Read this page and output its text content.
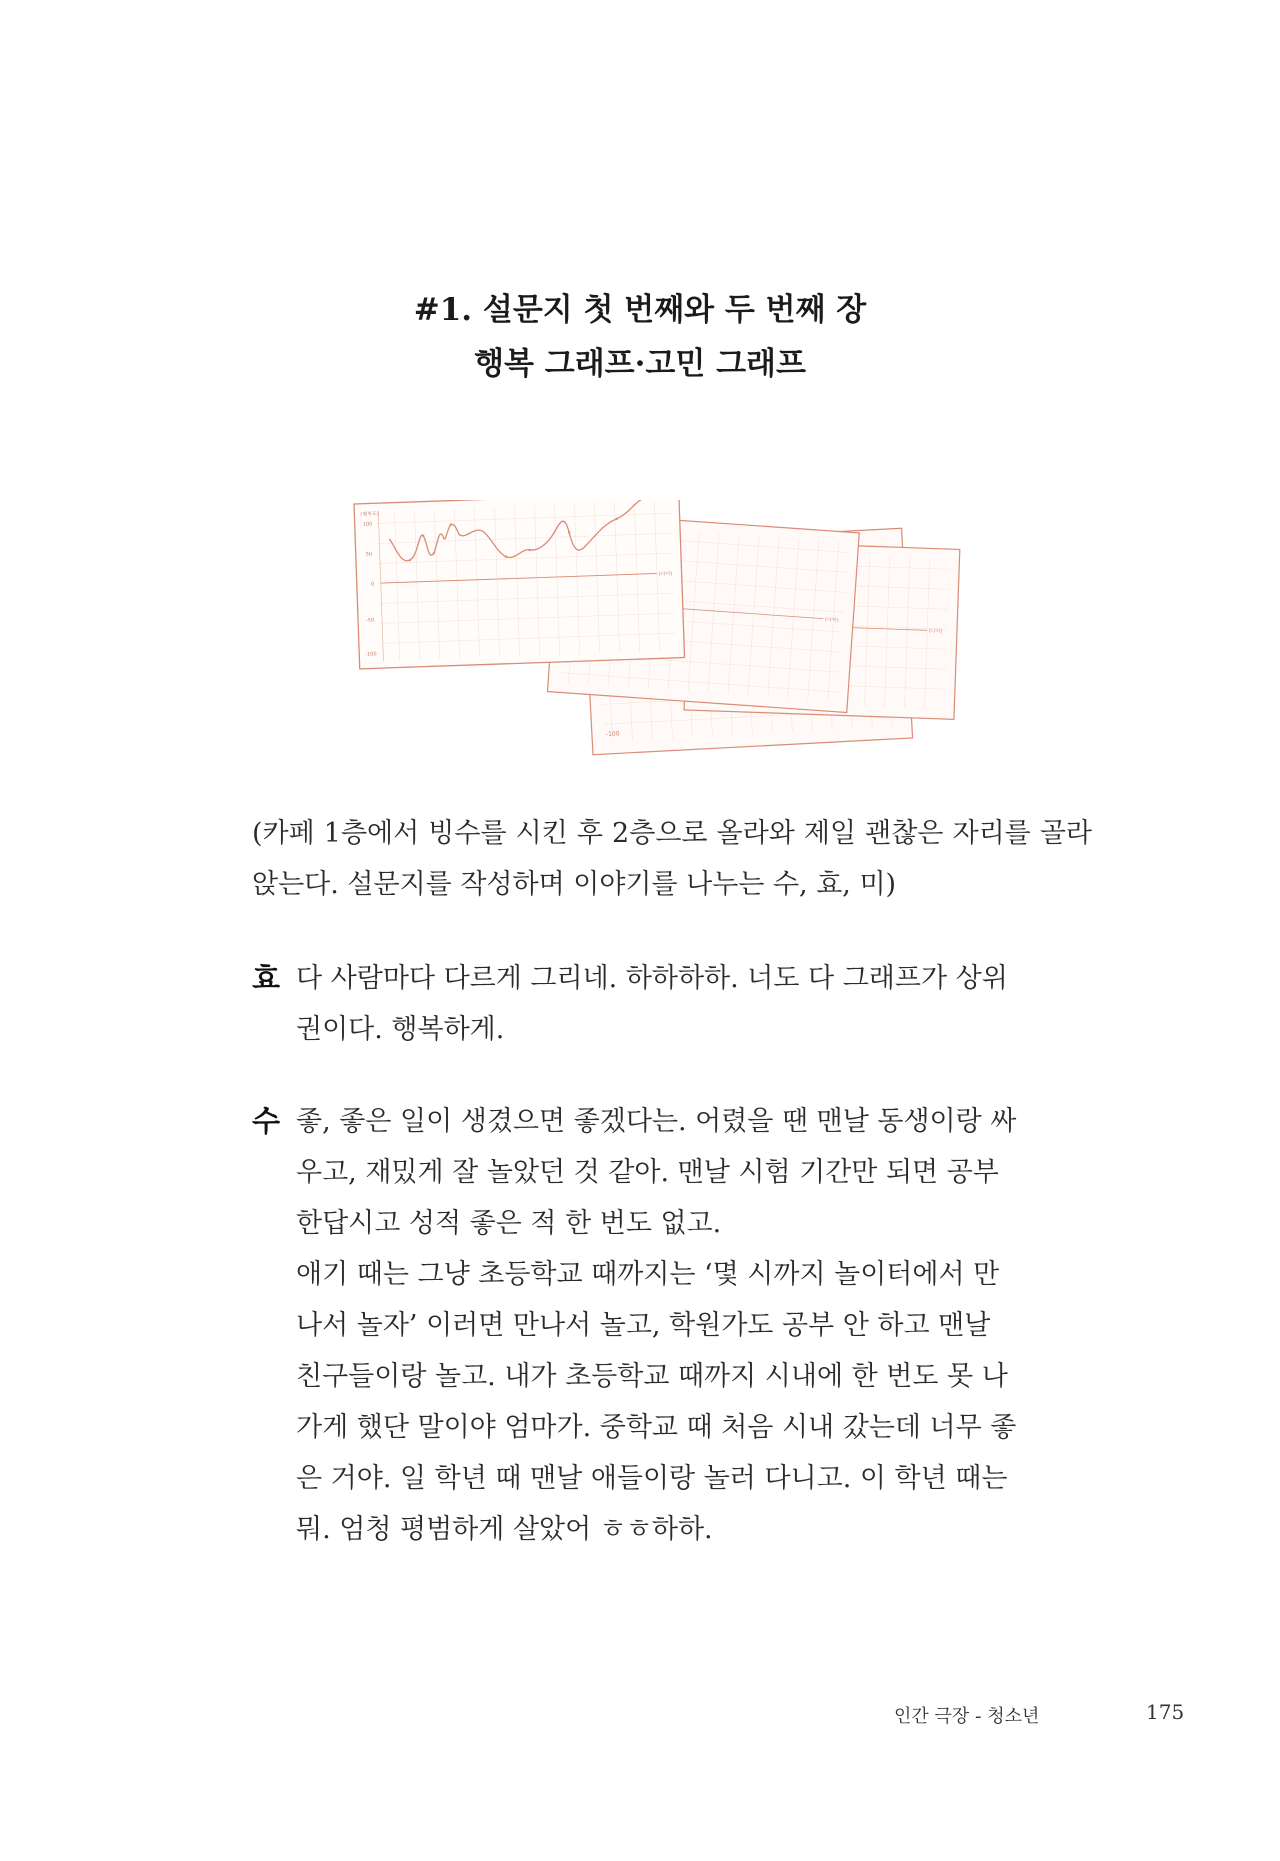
#1. 설문지 첫 번째와 두 번째 장
행복 그래프·고민 그래프
-100
(나이)
(나이)
(행복도)
100
50
0
-50
-100
(나이)

(카페 1층에서 빙수를 시킨 후 2층으로 올라와 제일 괜찮은 자리를 골라 앉는다. 설문지를 작성하며 이야기를 나누는 수, 효, 미)

효 다 사람마다 다르게 그리네. 하하하하. 너도 다 그래프가 상위
권이다. 행복하게.
수 좋, 좋은 일이 생겼으면 좋겠다는. 어렸을 땐 맨날 동생이랑 싸
우고, 재밌게 잘 놀았던 것 같아. 맨날 시험 기간만 되면 공부
한답시고 성적 좋은 적 한 번도 없고.
애기 때는 그냥 초등학교 때까지는 ‘몇 시까지 놀이터에서 만
나서 놀자’ 이러면 만나서 놀고, 학원가도 공부 안 하고 맨날
친구들이랑 놀고. 내가 초등학교 때까지 시내에 한 번도 못 나
가게 했단 말이야 엄마가. 중학교 때 처음 시내 갔는데 너무 좋
은 거야. 일 학년 때 맨날 애들이랑 놀러 다니고. 이 학년 때는
뭐. 엄청 평범하게 살았어 ㅎㅎ하하.
인간 극장 - 청소년	175
